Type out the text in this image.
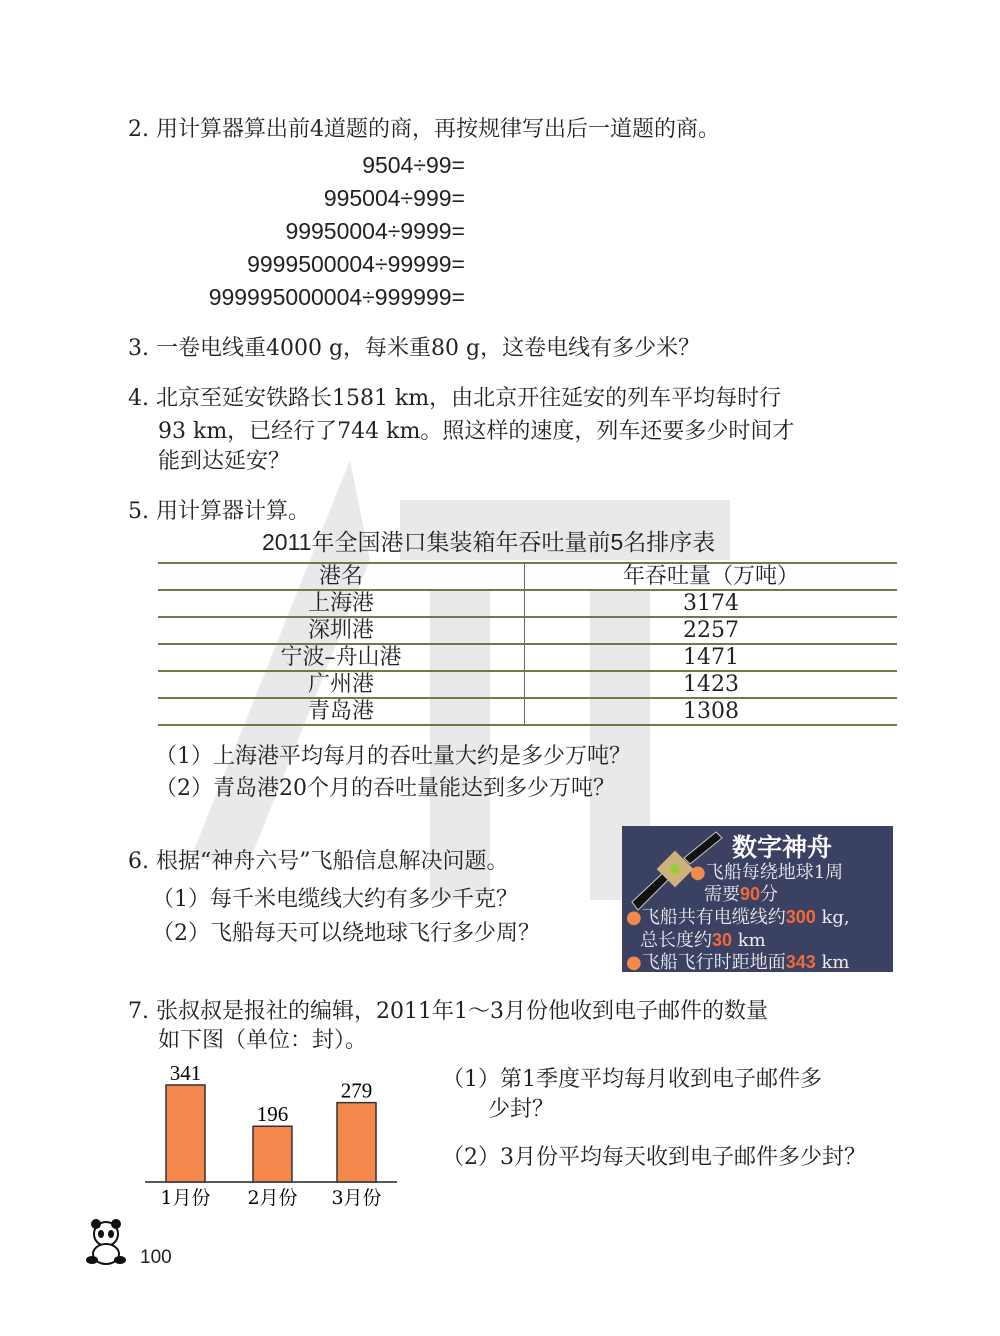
2. 用计算器算出前4道题的商，再按规律写出后一道题的商。
9504÷99=
995004÷999=
99950004÷9999=
9999500004÷99999=
999995000004÷999999=
3. 一卷电线重4000 g，每米重80 g，这卷电线有多少米？
4. 北京至延安铁路长1581 km，由北京开往延安的列车平均每时行
93 km，已经行了744 km。照这样的速度，列车还要多少时间才
能到达延安？
5. 用计算器计算。
2011年全国港口集装箱年吞吐量前5名排序表
港名	年吞吐量（万吨）
上海港	3174
深圳港	2257
宁波–舟山港	1471
广州港	1423
青岛港	1308
（1）上海港平均每月的吞吐量大约是多少万吨？
（2）青岛港20个月的吞吐量能达到多少万吨？
6. 根据“神舟六号”飞船信息解决问题。
（1）每千米电缆线大约有多少千克？
（2）飞船每天可以绕地球飞行多少周？
数字神舟
●飞船每绕地球1周
需要90分
●飞船共有电缆线约300 kg,
总长度约30 km
●飞船飞行时距地面343 km
7. 张叔叔是报社的编辑，2011年1～3月份他收到电子邮件的数量
如下图（单位：封）。
（1）第1季度平均每月收到电子邮件多
少封？
（2）3月份平均每天收到电子邮件多少封？
341
1月份
196
2月份
279
3月份
100
